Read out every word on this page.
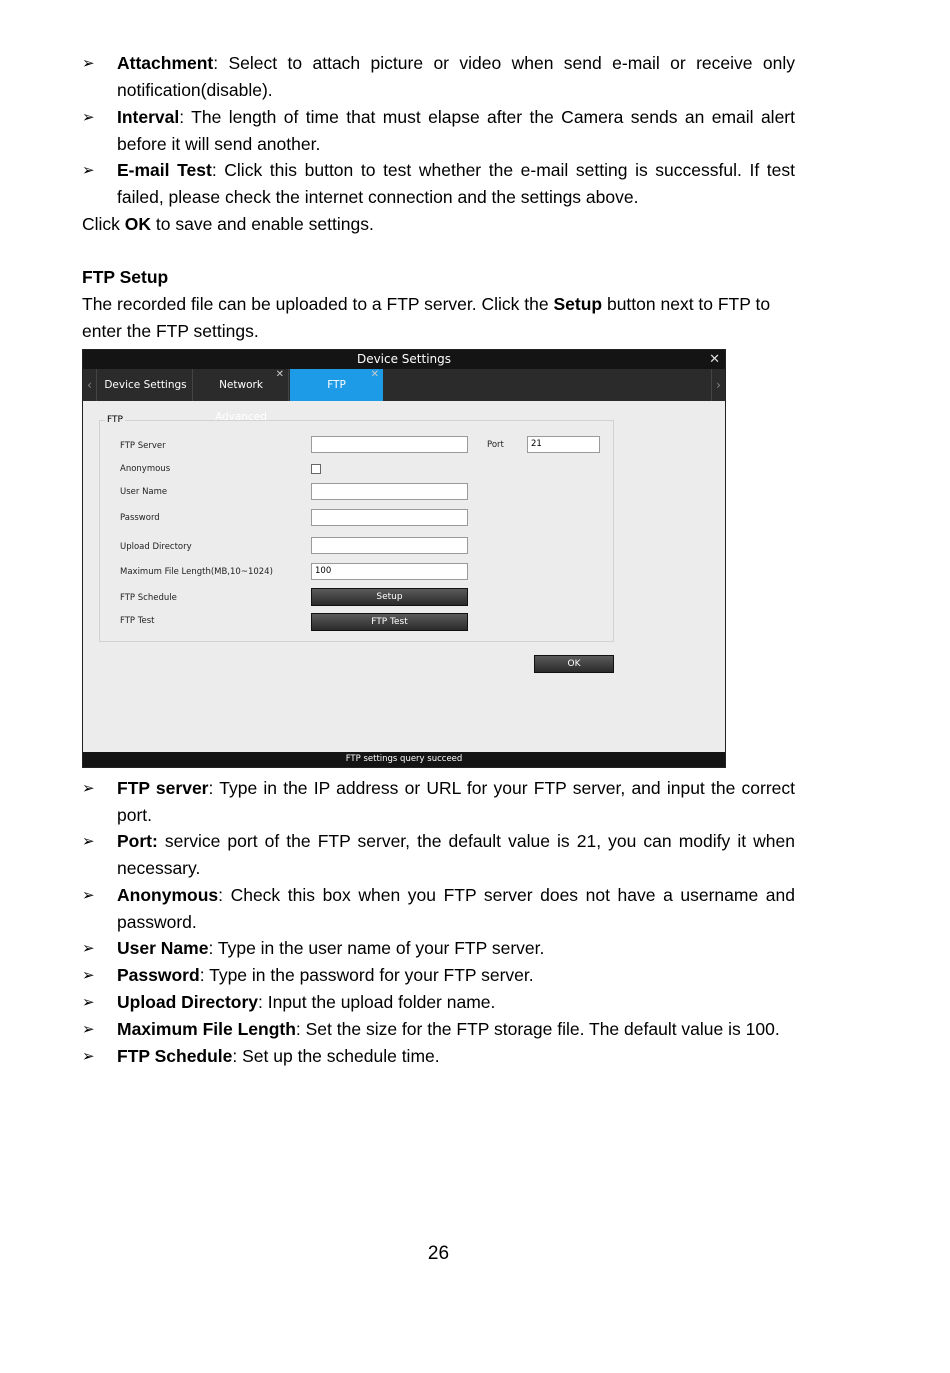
➢ Attachment: Select to attach picture or video when send e-mail or receive only notification(disable).
➢ Interval: The length of time that must elapse after the Camera sends an email alert before it will send another.
➢ E-mail Test: Click this button to test whether the e-mail setting is successful. If test failed, please check the internet connection and the settings above.
Click OK to save and enable settings.
FTP Setup
The recorded file can be uploaded to a FTP server. Click the Setup button next to FTP to enter the FTP settings.
Device Settings	✕
‹	Device Settings	Network Advanced
✕
FTP
✕
›
FTP
FTP Server	Port	21
Anonymous
User Name
Password
Upload Directory
Maximum File Length(MB,10~1024)	100
FTP Schedule	Setup
FTP Test	FTP Test
OK
FTP settings query succeed
➢ FTP server: Type in the IP address or URL for your FTP server, and input the correct port.
➢ Port: service port of the FTP server, the default value is 21, you can modify it when necessary.
➢ Anonymous: Check this box when you FTP server does not have a username and password.
➢ User Name: Type in the user name of your FTP server.
➢ Password: Type in the password for your FTP server.
➢ Upload Directory: Input the upload folder name.
➢ Maximum File Length: Set the size for the FTP storage file. The default value is 100.
➢ FTP Schedule: Set up the schedule time.
26
